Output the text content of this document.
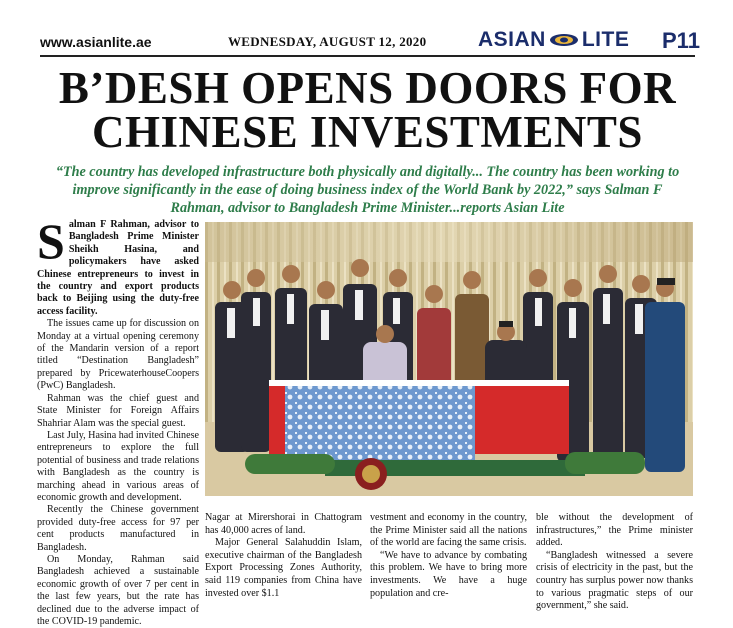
www.asianlite.ae	WEDNESDAY, AUGUST 12, 2020 ASIAN LITE P11
B’DESH OPENS DOORS FOR
CHINESE INVESTMENTS
“The country has developed infrastructure both physically and digitally... The country has been working to improve significantly in the ease of doing business index of the World Bank by 2022,” says Salman F Rahman, advisor to Bangladesh Prime Minister...reports Asian Lite

Salman F Rahman, advisor to Bangladesh Prime Minister Sheikh Hasina, and policymakers have asked Chinese entrepreneurs to invest in the country and export products back to Beijing using the duty-free access facility.

The issues came up for discussion on Monday at a virtual opening ceremony of the Mandarin version of a report titled “Destination Bangladesh” prepared by PricewaterhouseCoopers (PwC) Bangladesh.

Rahman was the chief guest and State Minister for Foreign Affairs Shahriar Alam was the special guest.

Last July, Hasina had invited Chinese entrepreneurs to explore the full potential of business and trade relations with Bangladesh as the country is marching ahead in various areas of economic growth and development.

Recently the Chinese government provided duty-free access for 97 per cent products manufactured in Bangladesh.

On Monday, Rahman said Bangladesh achieved a sustainable economic growth of over 7 per cent in the last few years, but the rate has declined due to the adverse impact of the COVID-19 pandemic.

Nagar at Mirershorai in Chattogram has 40,000 acres of land.

Major General Salahuddin Islam, executive chairman of the Bangladesh Export Processing Zones Authority, said 119 companies from China have invested over $1.1

vestment and economy in the country, the Prime Minister said all the nations of the world are facing the same crisis.

“We have to advance by combating this problem. We have to bring more investments. We have a huge population and cre-

ble without the development of infrastructures,” the Prime minister added.

“Bangladesh witnessed a severe crisis of electricity in the past, but the country has surplus power now thanks to various pragmatic steps of our government,” she said.
